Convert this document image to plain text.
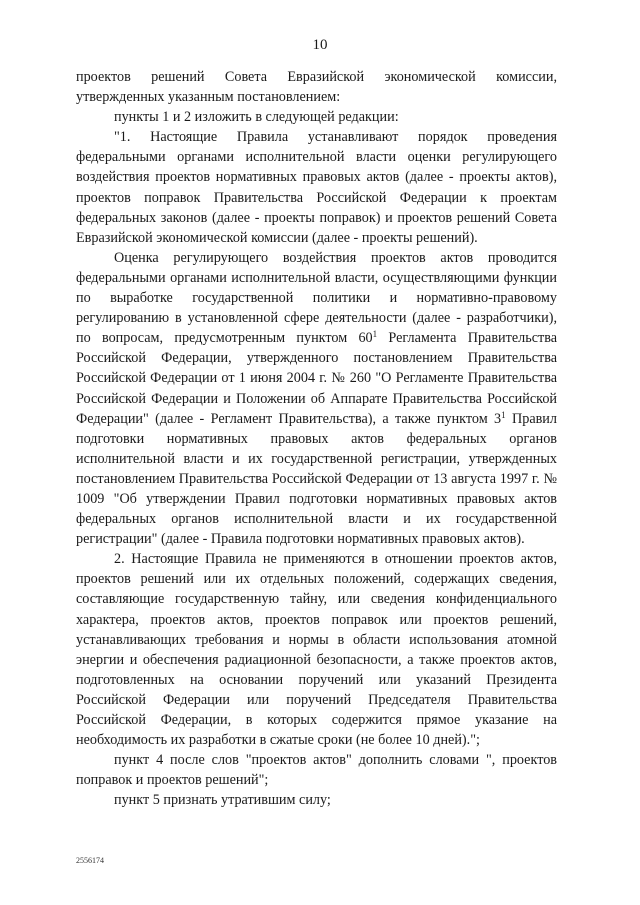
10

проектов решений Совета Евразийской экономической комиссии, утвержденных указанным постановлением:

пункты 1 и 2 изложить в следующей редакции:

"1. Настоящие Правила устанавливают порядок проведения федеральными органами исполнительной власти оценки регулирующего воздействия проектов нормативных правовых актов (далее - проекты актов), проектов поправок Правительства Российской Федерации к проектам федеральных законов (далее - проекты поправок) и проектов решений Совета Евразийской экономической комиссии (далее - проекты решений).

Оценка регулирующего воздействия проектов актов проводится федеральными органами исполнительной власти, осуществляющими функции по выработке государственной политики и нормативно-правовому регулированию в установленной сфере деятельности (далее - разработчики), по вопросам, предусмотренным пунктом $60^1$ Регламента Правительства Российской Федерации, утвержденного постановлением Правительства Российской Федерации от 1 июня 2004 г. № 260 "О Регламенте Правительства Российской Федерации и Положении об Аппарате Правительства Российской Федерации" (далее - Регламент Правительства), а также пунктом $3^1$ Правил подготовки нормативных правовых актов федеральных органов исполнительной власти и их государственной регистрации, утвержденных постановлением Правительства Российской Федерации от 13 августа 1997 г. № 1009 "Об утверждении Правил подготовки нормативных правовых актов федеральных органов исполнительной власти и их государственной регистрации" (далее - Правила подготовки нормативных правовых актов).

2. Настоящие Правила не применяются в отношении проектов актов, проектов решений или их отдельных положений, содержащих сведения, составляющие государственную тайну, или сведения конфиденциального характера, проектов актов, проектов поправок или проектов решений, устанавливающих требования и нормы в области использования атомной энергии и обеспечения радиационной безопасности, а также проектов актов, подготовленных на основании поручений или указаний Президента Российской Федерации или поручений Председателя Правительства Российской Федерации, в которых содержится прямое указание на необходимость их разработки в сжатые сроки (не более 10 дней).";

пункт 4 после слов "проектов актов" дополнить словами ", проектов поправок и проектов решений";

пункт 5 признать утратившим силу;

2556174
